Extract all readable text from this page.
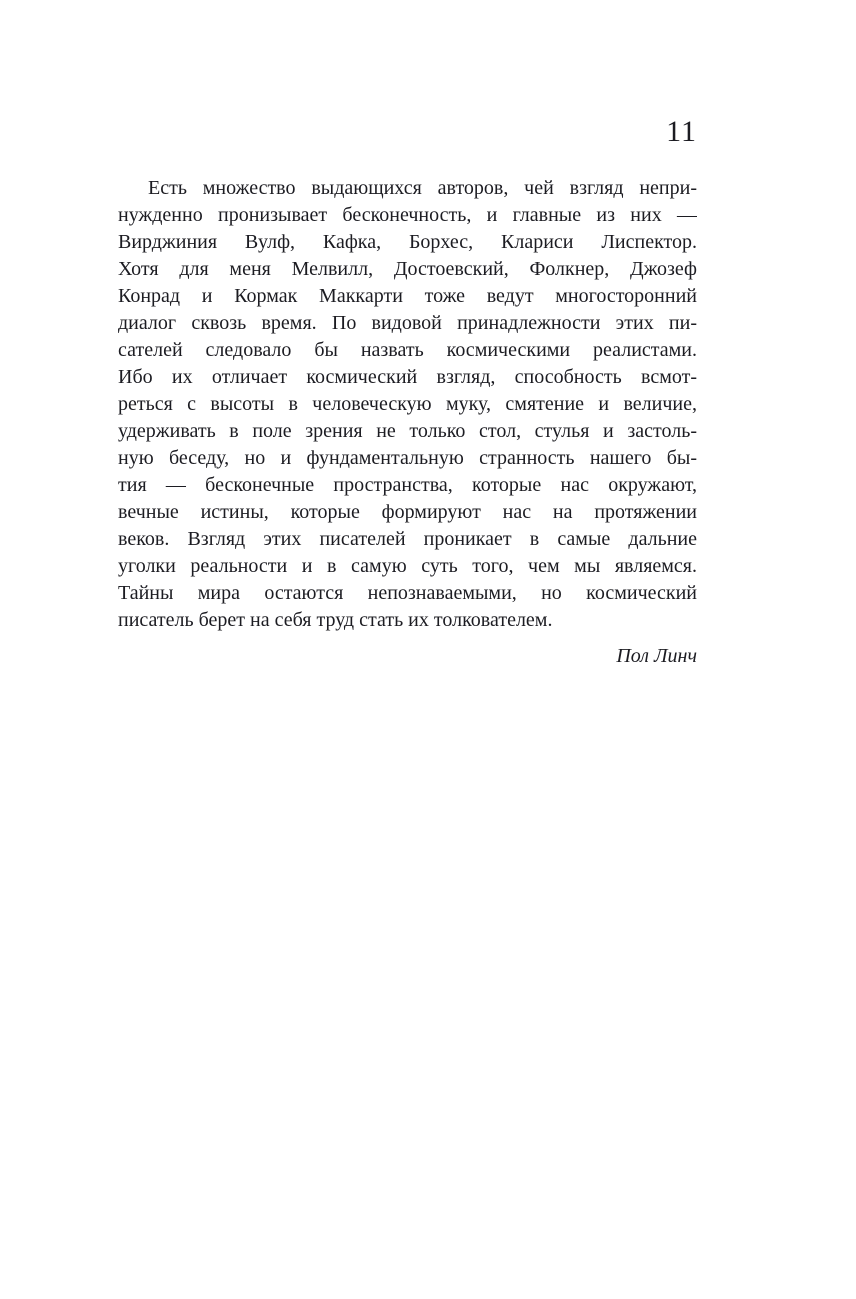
11
Есть множество выдающихся авторов, чей взгляд непри-
нужденно пронизывает бесконечность, и главные из них —
Вирджиния Вулф, Кафка, Борхес, Клариси Лиспектор.
Хотя для меня Мелвилл, Достоевский, Фолкнер, Джозеф
Конрад и Кормак Маккарти тоже ведут многосторонний
диалог сквозь время. По видовой принадлежности этих пи-
сателей следовало бы назвать космическими реалистами.
Ибо их отличает космический взгляд, способность всмот-
реться с высоты в человеческую муку, смятение и величие,
удерживать в поле зрения не только стол, стулья и застоль-
ную беседу, но и фундаментальную странность нашего бы-
тия — бесконечные пространства, которые нас окружают,
вечные истины, которые формируют нас на протяжении
веков. Взгляд этих писателей проникает в самые дальние
уголки реальности и в самую суть того, чем мы являемся.
Тайны мира остаются непознаваемыми, но космический
писатель берет на себя труд стать их толкователем.
Пол Линч
